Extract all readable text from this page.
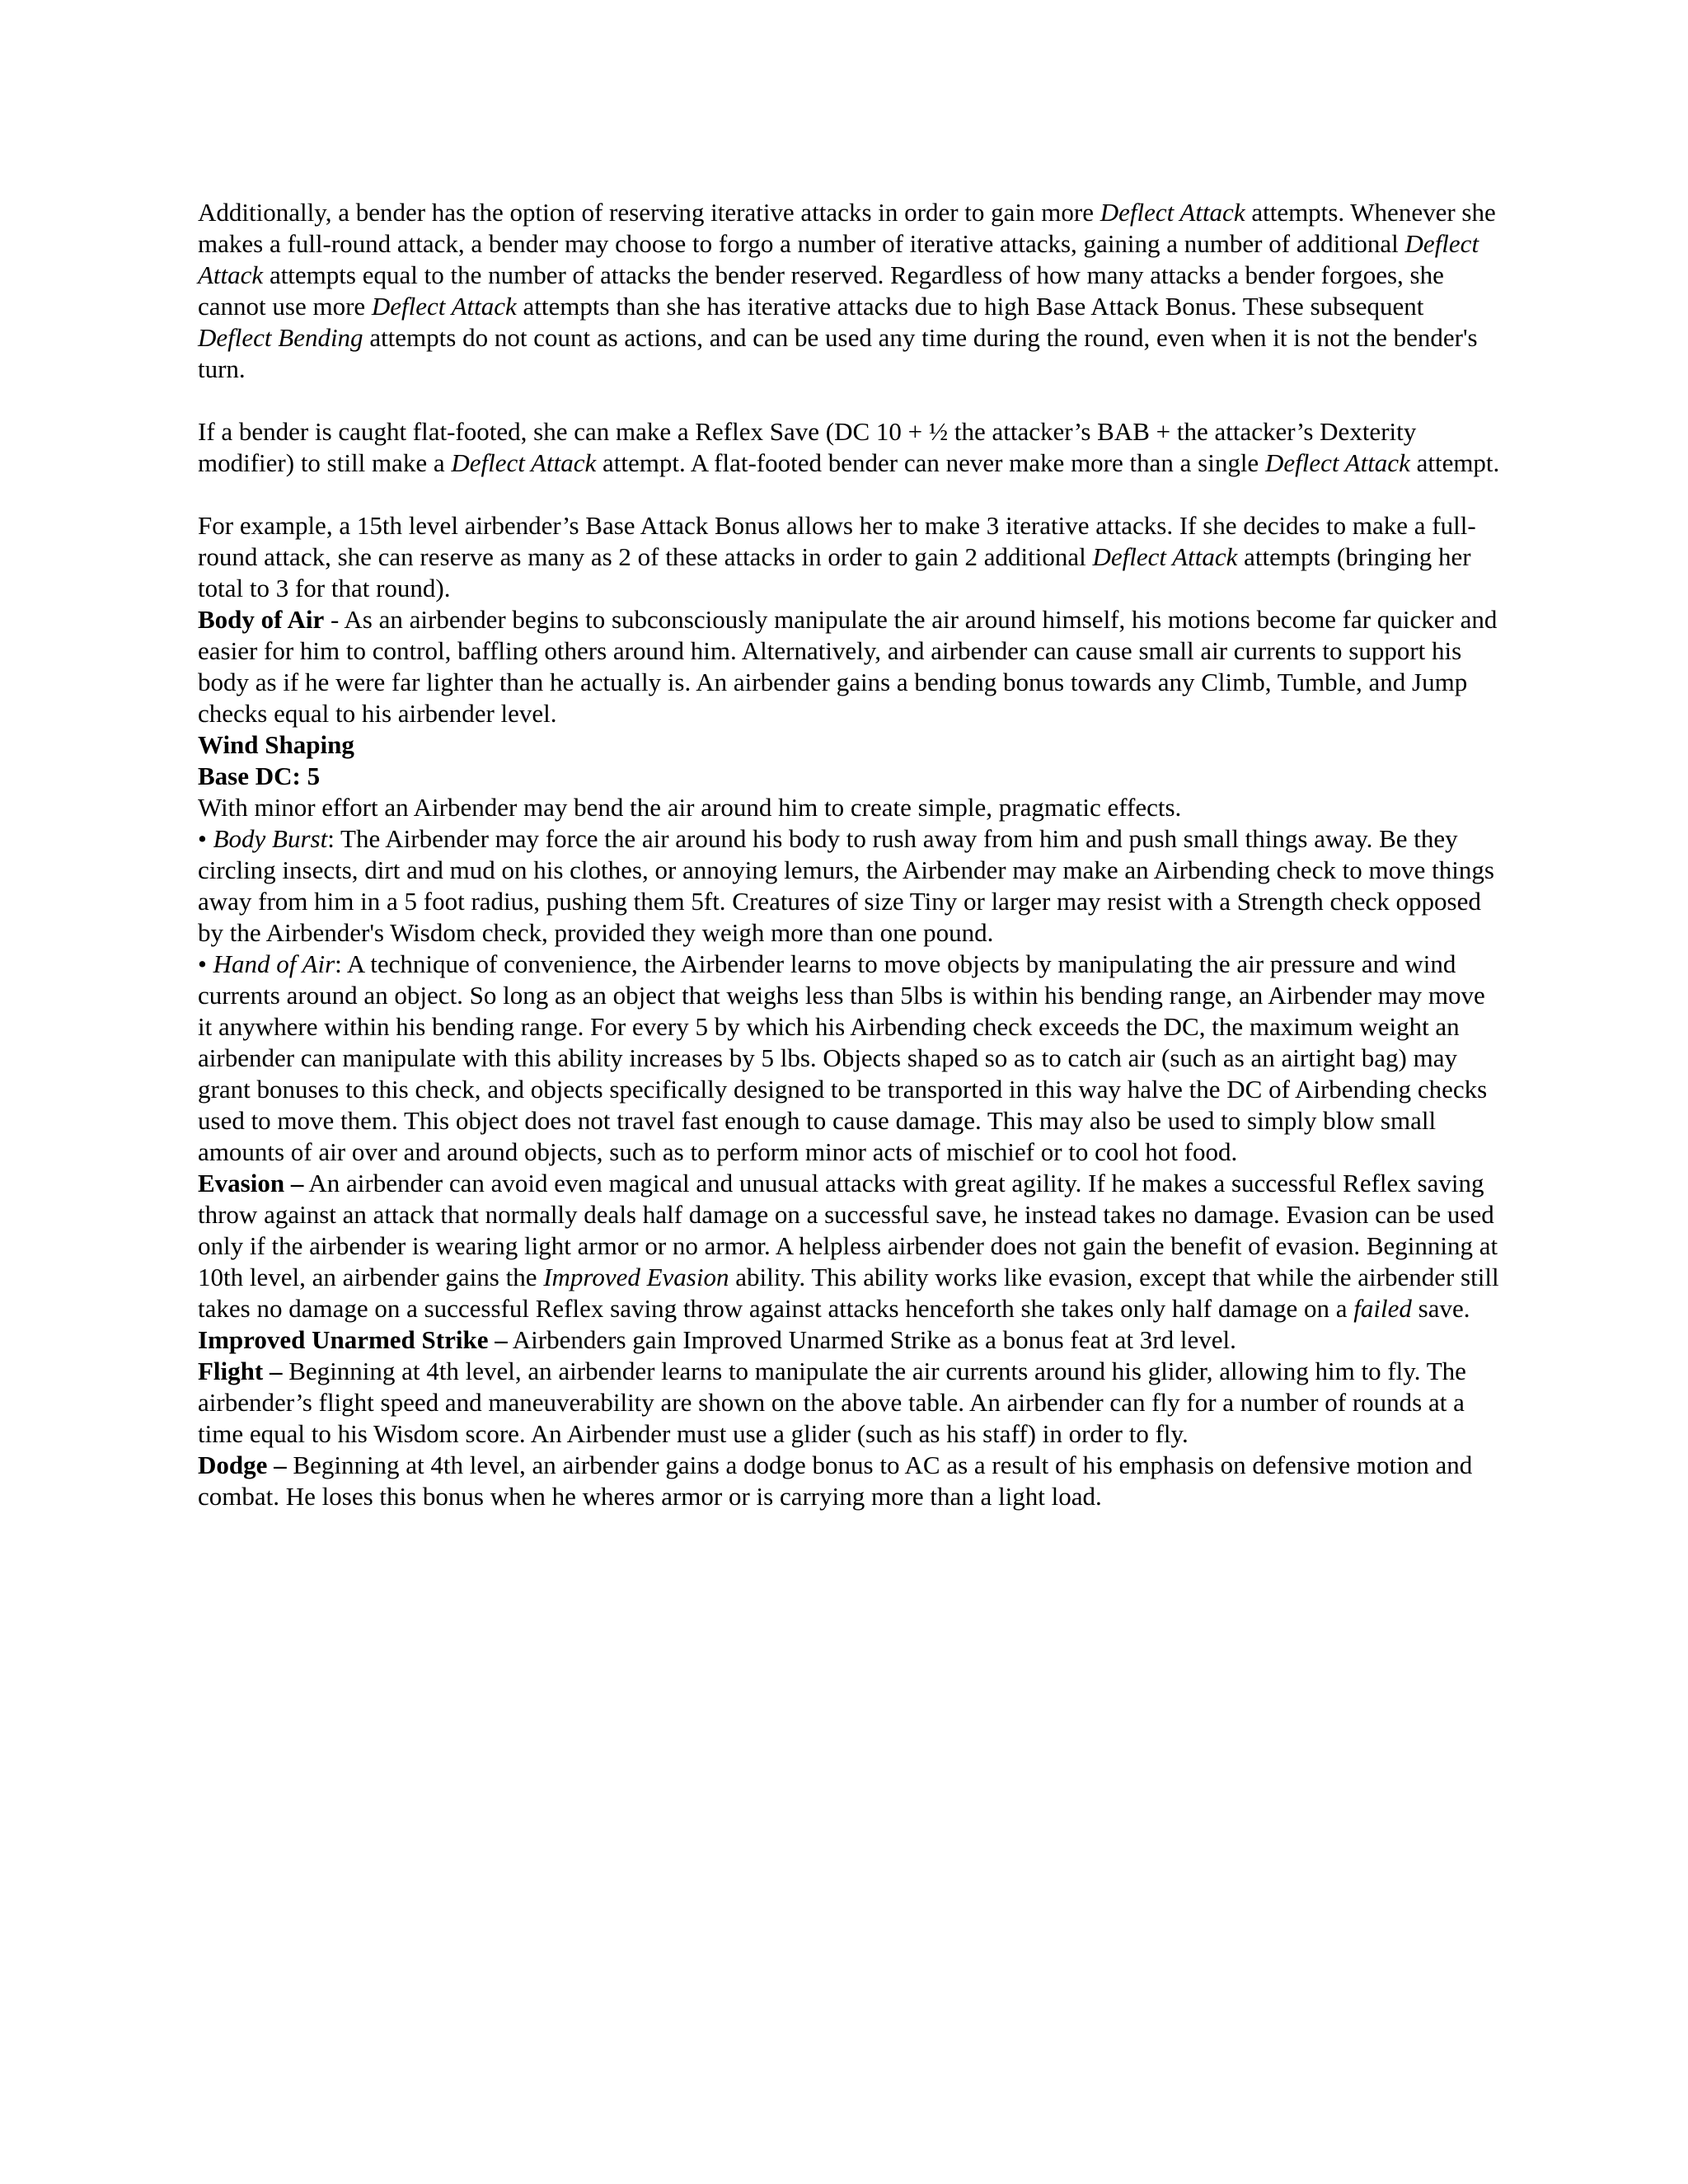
Additionally, a bender has the option of reserving iterative attacks in order to gain more Deflect Attack attempts. Whenever she makes a full-round attack, a bender may choose to forgo a number of iterative attacks, gaining a number of additional Deflect Attack attempts equal to the number of attacks the bender reserved. Regardless of how many attacks a bender forgoes, she cannot use more Deflect Attack attempts than she has iterative attacks due to high Base Attack Bonus. These subsequent Deflect Bending attempts do not count as actions, and can be used any time during the round, even when it is not the bender's turn.

If a bender is caught flat-footed, she can make a Reflex Save (DC 10 + ½ the attacker’s BAB + the attacker’s Dexterity modifier) to still make a Deflect Attack attempt. A flat-footed bender can never make more than a single Deflect Attack attempt.

For example, a 15th level airbender’s Base Attack Bonus allows her to make 3 iterative attacks. If she decides to make a full-round attack, she can reserve as many as 2 of these attacks in order to gain 2 additional Deflect Attack attempts (bringing her total to 3 for that round).

Body of Air - As an airbender begins to subconsciously manipulate the air around himself, his motions become far quicker and easier for him to control, baffling others around him. Alternatively, and airbender can cause small air currents to support his body as if he were far lighter than he actually is. An airbender gains a bending bonus towards any Climb, Tumble, and Jump checks equal to his airbender level.

Wind Shaping

Base DC: 5

With minor effort an Airbender may bend the air around him to create simple, pragmatic effects.

• Body Burst: The Airbender may force the air around his body to rush away from him and push small things away. Be they circling insects, dirt and mud on his clothes, or annoying lemurs, the Airbender may make an Airbending check to move things away from him in a 5 foot radius, pushing them 5ft. Creatures of size Tiny or larger may resist with a Strength check opposed by the Airbender's Wisdom check, provided they weigh more than one pound.

• Hand of Air: A technique of convenience, the Airbender learns to move objects by manipulating the air pressure and wind currents around an object. So long as an object that weighs less than 5lbs is within his bending range, an Airbender may move it anywhere within his bending range. For every 5 by which his Airbending check exceeds the DC, the maximum weight an airbender can manipulate with this ability increases by 5 lbs. Objects shaped so as to catch air (such as an airtight bag) may grant bonuses to this check, and objects specifically designed to be transported in this way halve the DC of Airbending checks used to move them. This object does not travel fast enough to cause damage. This may also be used to simply blow small amounts of air over and around objects, such as to perform minor acts of mischief or to cool hot food.

Evasion – An airbender can avoid even magical and unusual attacks with great agility. If he makes a successful Reflex saving throw against an attack that normally deals half damage on a successful save, he instead takes no damage. Evasion can be used only if the airbender is wearing light armor or no armor. A helpless airbender does not gain the benefit of evasion. Beginning at 10th level, an airbender gains the Improved Evasion ability. This ability works like evasion, except that while the airbender still takes no damage on a successful Reflex saving throw against attacks henceforth she takes only half damage on a failed save.

Improved Unarmed Strike – Airbenders gain Improved Unarmed Strike as a bonus feat at 3rd level.

Flight – Beginning at 4th level, an airbender learns to manipulate the air currents around his glider, allowing him to fly. The airbender’s flight speed and maneuverability are shown on the above table. An airbender can fly for a number of rounds at a time equal to his Wisdom score. An Airbender must use a glider (such as his staff) in order to fly.

Dodge – Beginning at 4th level, an airbender gains a dodge bonus to AC as a result of his emphasis on defensive motion and combat. He loses this bonus when he wheres armor or is carrying more than a light load.
